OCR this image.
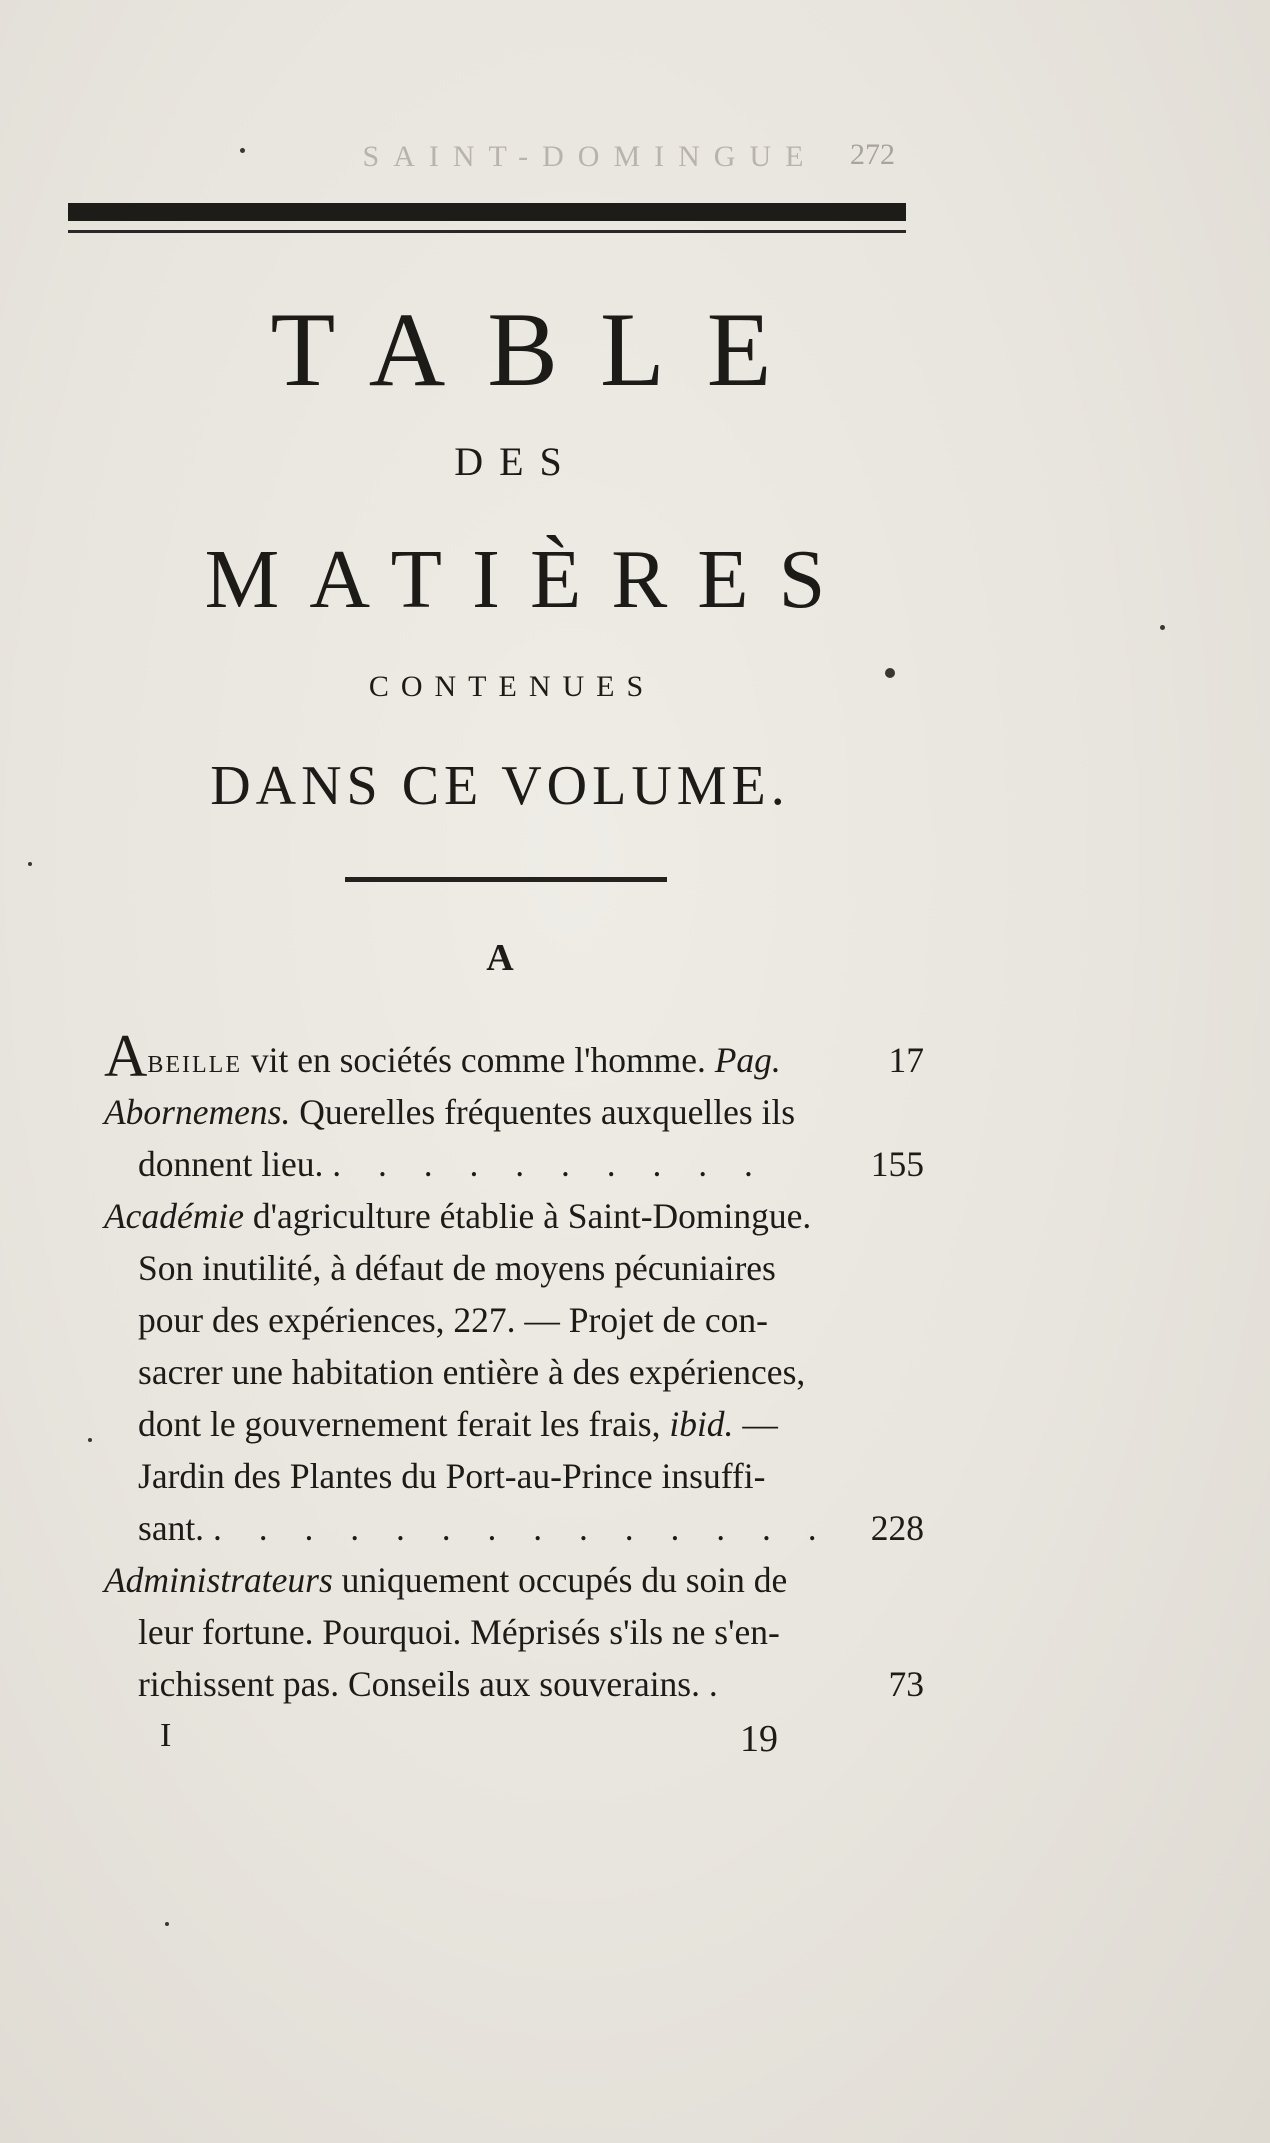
SAINT-DOMINGUE	272
TABLE
DES
MATIÈRES
CONTENUES
DANS CE VOLUME.
A
ABEILLE vit en sociétés comme l'homme. Pag.	17
Abornemens. Querelles fréquentes auxquelles ils
donnent lieu. . . . . . . . . . .	155
Académie d'agriculture établie à Saint-Domingue.
Son inutilité, à défaut de moyens pécuniaires
pour des expériences, 227. — Projet de con-
sacrer une habitation entière à des expériences,
dont le gouvernement ferait les frais, ibid. —
Jardin des Plantes du Port-au-Prince insuffi-
sant. . . . . . . . . . . . . . . 228
Administrateurs uniquement occupés du soin de
leur fortune. Pourquoi. Méprisés s'ils ne s'en-
richissent pas. Conseils aux souverains. .	73
I	19
